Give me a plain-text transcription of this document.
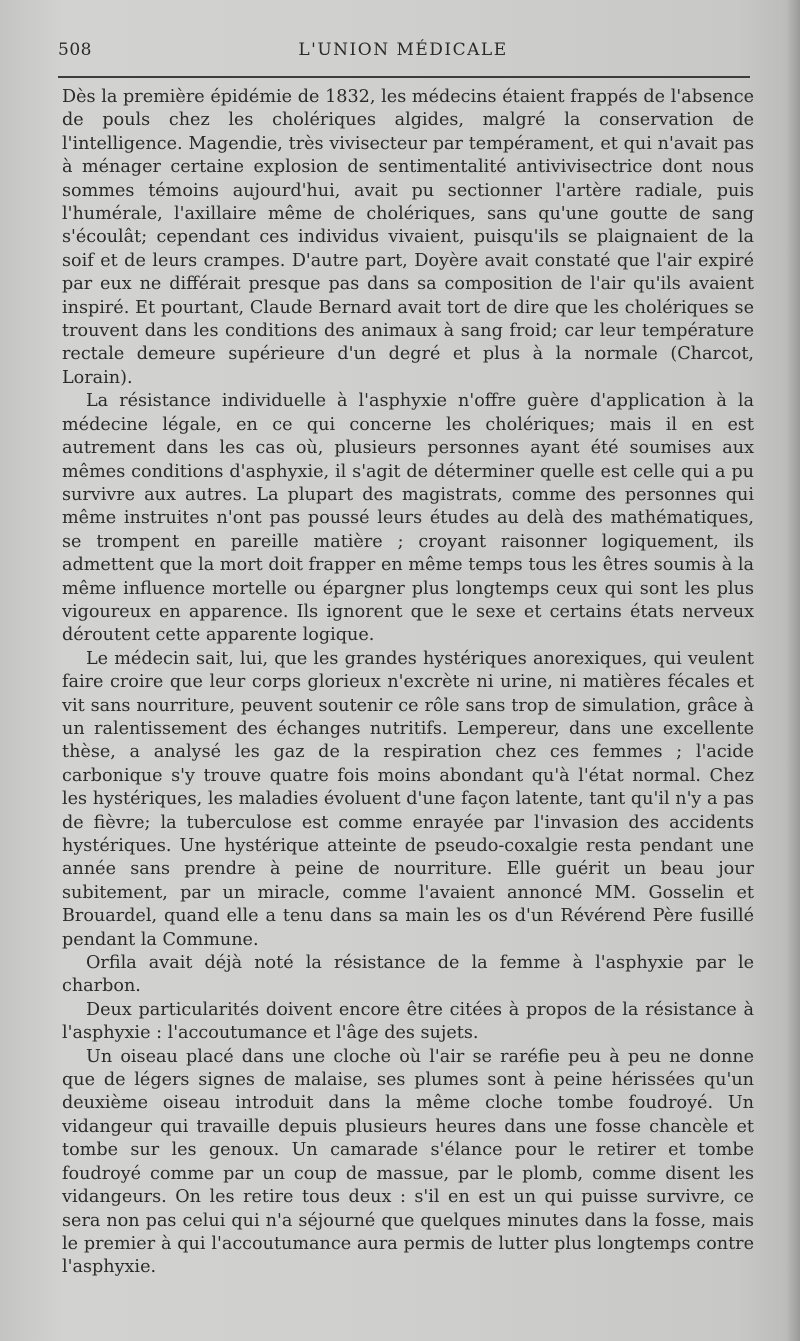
508	L'UNION MÉDICALE

Dès la première épidémie de 1832, les médecins étaient frappés de l'absence de pouls chez les cholériques algides, malgré la conservation de l'intelligence. Magendie, très vivisecteur par tempérament, et qui n'avait pas à ménager certaine explosion de sentimentalité antivivisectrice dont nous sommes témoins aujourd'hui, avait pu sectionner l'artère radiale, puis l'humérale, l'axillaire même de cholériques, sans qu'une goutte de sang s'écoulât; cependant ces individus vivaient, puisqu'ils se plaignaient de la soif et de leurs crampes. D'autre part, Doyère avait constaté que l'air expiré par eux ne différait presque pas dans sa composition de l'air qu'ils avaient inspiré. Et pourtant, Claude Bernard avait tort de dire que les cholériques se trouvent dans les conditions des animaux à sang froid; car leur température rectale demeure supérieure d'un degré et plus à la normale (Charcot, Lorain).

La résistance individuelle à l'asphyxie n'offre guère d'application à la médecine légale, en ce qui concerne les cholériques; mais il en est autrement dans les cas où, plusieurs personnes ayant été soumises aux mêmes conditions d'asphyxie, il s'agit de déterminer quelle est celle qui a pu survivre aux autres. La plupart des magistrats, comme des personnes qui même instruites n'ont pas poussé leurs études au delà des mathématiques, se trompent en pareille matière ; croyant raisonner logiquement, ils admettent que la mort doit frapper en même temps tous les êtres soumis à la même influence mortelle ou épargner plus longtemps ceux qui sont les plus vigoureux en apparence. Ils ignorent que le sexe et certains états nerveux déroutent cette apparente logique.

Le médecin sait, lui, que les grandes hystériques anorexiques, qui veulent faire croire que leur corps glorieux n'excrète ni urine, ni matières fécales et vit sans nourriture, peuvent soutenir ce rôle sans trop de simulation, grâce à un ralentissement des échanges nutritifs. Lempereur, dans une excellente thèse, a analysé les gaz de la respiration chez ces femmes ; l'acide carbonique s'y trouve quatre fois moins abondant qu'à l'état normal. Chez les hystériques, les maladies évoluent d'une façon latente, tant qu'il n'y a pas de fièvre; la tuberculose est comme enrayée par l'invasion des accidents hystériques. Une hystérique atteinte de pseudo-coxalgie resta pendant une année sans prendre à peine de nourriture. Elle guérit un beau jour subitement, par un miracle, comme l'avaient annoncé MM. Gosselin et Brouardel, quand elle a tenu dans sa main les os d'un Révérend Père fusillé pendant la Commune.

Orfila avait déjà noté la résistance de la femme à l'asphyxie par le charbon.

Deux particularités doivent encore être citées à propos de la résistance à l'asphyxie : l'accoutumance et l'âge des sujets.

Un oiseau placé dans une cloche où l'air se raréfie peu à peu ne donne que de légers signes de malaise, ses plumes sont à peine hérissées qu'un deuxième oiseau introduit dans la même cloche tombe foudroyé. Un vidangeur qui travaille depuis plusieurs heures dans une fosse chancèle et tombe sur les genoux. Un camarade s'élance pour le retirer et tombe foudroyé comme par un coup de massue, par le plomb, comme disent les vidangeurs. On les retire tous deux : s'il en est un qui puisse survivre, ce sera non pas celui qui n'a séjourné que quelques minutes dans la fosse, mais le premier à qui l'accoutumance aura permis de lutter plus longtemps contre l'asphyxie.
